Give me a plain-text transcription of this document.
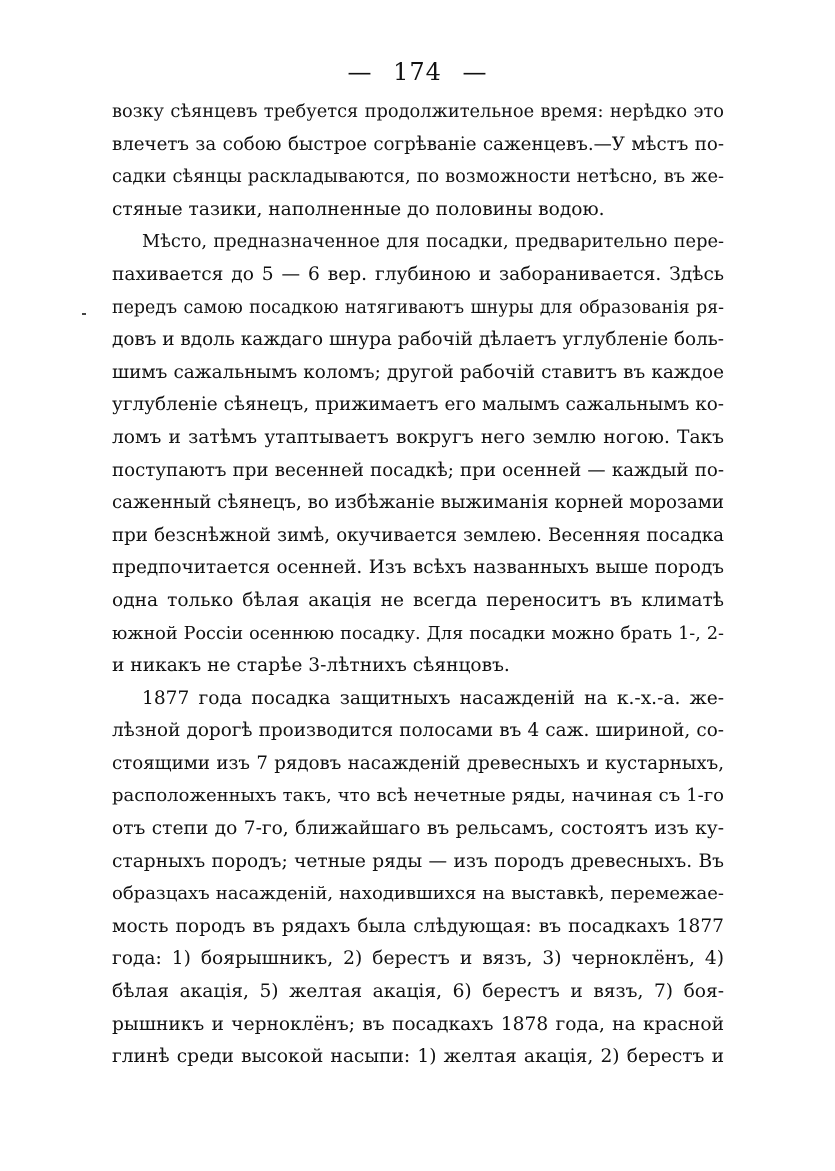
— 174 —
возку сѣянцевъ требуется продолжительное время: нерѣдко это
влечетъ за собою быстрое согрѣваніе саженцевъ.—У мѣстъ по-
садки сѣянцы раскладываются, по возможности нетѣсно, въ же-
стяные тазики, наполненные до половины водою.
Мѣсто, предназначенное для посадки, предварительно пере-
пахивается до 5 — 6 вер. глубиною и заборанивается. Здѣсь
передъ самою посадкою натягиваютъ шнуры для образованія ря-
довъ и вдоль каждаго шнура рабочій дѣлаетъ углубленіе боль-
шимъ сажальнымъ коломъ; другой рабочій ставитъ въ каждое
углубленіе сѣянецъ, прижимаетъ его малымъ сажальнымъ ко-
ломъ и затѣмъ утаптываетъ вокругъ него землю ногою. Такъ
поступаютъ при весенней посадкѣ; при осенней — каждый по-
саженный сѣянецъ, во избѣжаніе выжиманія корней морозами
при безснѣжной зимѣ, окучивается землею. Весенняя посадка
предпочитается осенней. Изъ всѣхъ названныхъ выше породъ
одна только бѣлая акація не всегда переноситъ въ климатѣ
южной Россіи осеннюю посадку. Для посадки можно брать 1-, 2-
и никакъ не старѣе 3-лѣтнихъ сѣянцовъ.
1877 года посадка защитныхъ насажденій на к.-х.-а. же-
лѣзной дорогѣ производится полосами въ 4 саж. шириной, со-
стоящими изъ 7 рядовъ насажденій древесныхъ и кустарныхъ,
расположенныхъ такъ, что всѣ нечетные ряды, начиная съ 1-го
отъ степи до 7-го, ближайшаго въ рельсамъ, состоятъ изъ ку-
старныхъ породъ; четные ряды — изъ породъ древесныхъ. Въ
образцахъ насажденій, находившихся на выставкѣ, перемежае-
мость породъ въ рядахъ была слѣдующая: въ посадкахъ 1877
года: 1) боярышникъ, 2) берестъ и вязъ, 3) черноклёнъ, 4)
бѣлая акація, 5) желтая акація, 6) берестъ и вязъ, 7) боя-
рышникъ и черноклёнъ; въ посадкахъ 1878 года, на красной
глинѣ среди высокой насыпи: 1) желтая акація, 2) берестъ и
